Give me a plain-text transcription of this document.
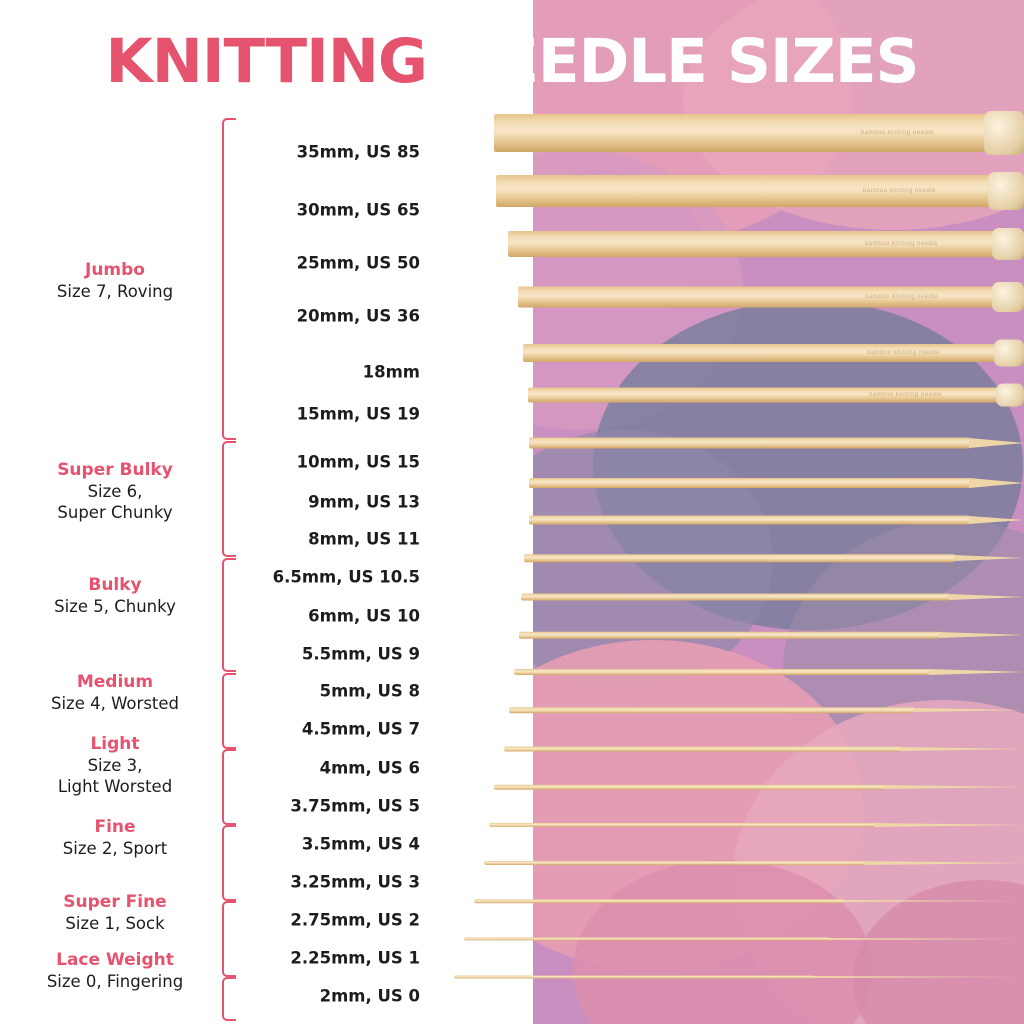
KNITTING NEEDLE SIZES
Jumbo
Size 7, Roving
Super Bulky
Size 6,
Super Chunky
Bulky
Size 5, Chunky
Medium
Size 4, Worsted
Light
Size 3,
Light Worsted
Fine
Size 2, Sport
Super Fine
Size 1, Sock
Lace Weight
Size 0, Fingering
35mm, US 85
bamboo knitting needle
30mm, US 65
bamboo knitting needle
25mm, US 50
bamboo knitting needle
20mm, US 36
bamboo knitting needle
18mm
bamboo knitting needle
15mm, US 19
bamboo knitting needle
10mm, US 15
9mm, US 13
8mm, US 11
6.5mm, US 10.5
6mm, US 10
5.5mm, US 9
5mm, US 8
4.5mm, US 7
4mm, US 6
3.75mm, US 5
3.5mm, US 4
3.25mm, US 3
2.75mm, US 2
2.25mm, US 1
2mm, US 0
